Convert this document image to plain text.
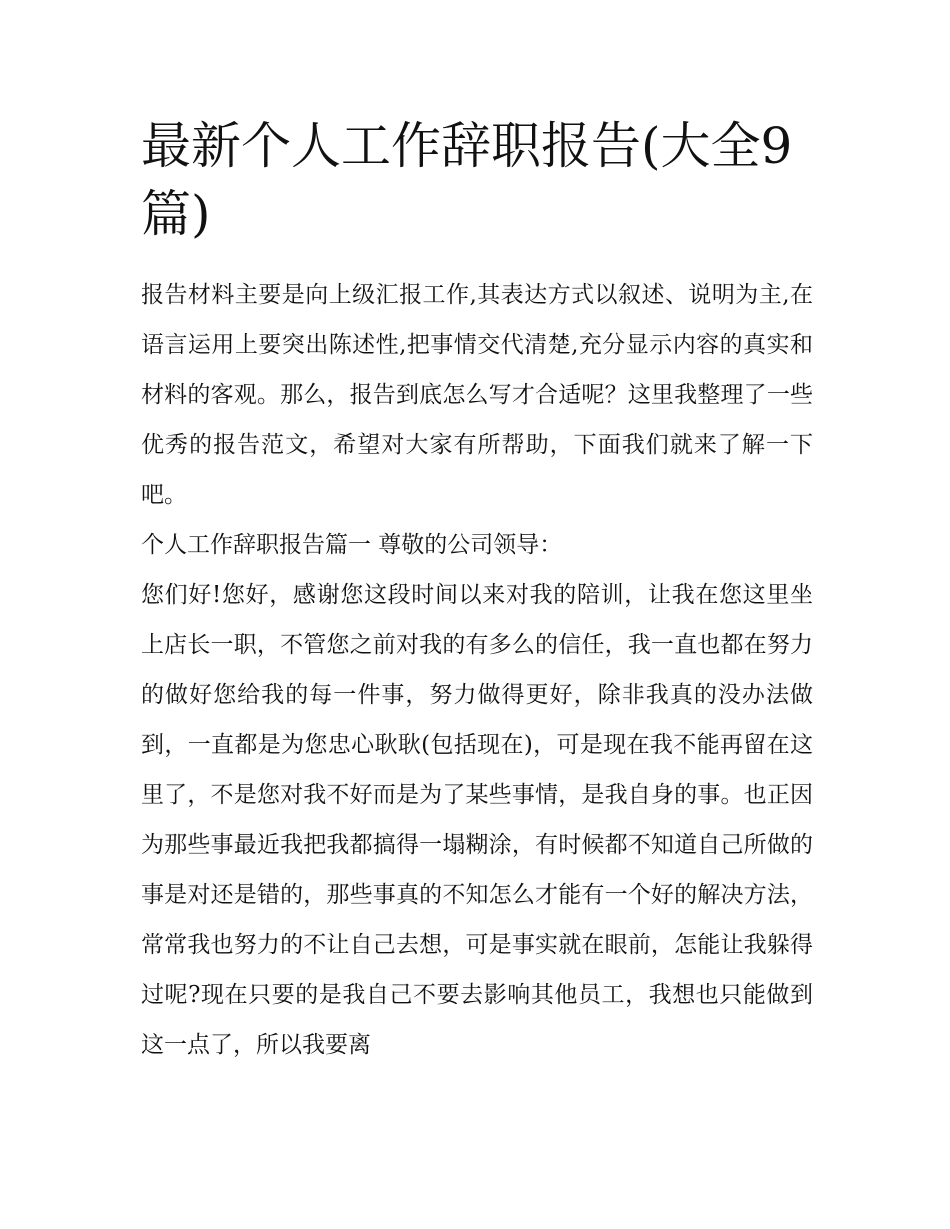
最新个人工作辞职报告(大全9篇)

报告材料主要是向上级汇报工作,其表达方式以叙述、说明为主,在语言运用上要突出陈述性,把事情交代清楚,充分显示内容的真实和材料的客观。那么，报告到底怎么写才合适呢？这里我整理了一些优秀的报告范文，希望对大家有所帮助，下面我们就来了解一下吧。

个人工作辞职报告篇一 尊敬的公司领导：

您们好!您好，感谢您这段时间以来对我的陪训，让我在您这里坐上店长一职，不管您之前对我的有多么的信任，我一直也都在努力的做好您给我的每一件事，努力做得更好，除非我真的没办法做到，一直都是为您忠心耿耿(包括现在)，可是现在我不能再留在这里了，不是您对我不好而是为了某些事情，是我自身的事。也正因为那些事最近我把我都搞得一塌糊涂，有时候都不知道自己所做的事是对还是错的，那些事真的不知怎么才能有一个好的解决方法，常常我也努力的不让自己去想，可是事实就在眼前，怎能让我躲得过呢?现在只要的是我自己不要去影响其他员工，我想也只能做到这一点了，所以我要离
